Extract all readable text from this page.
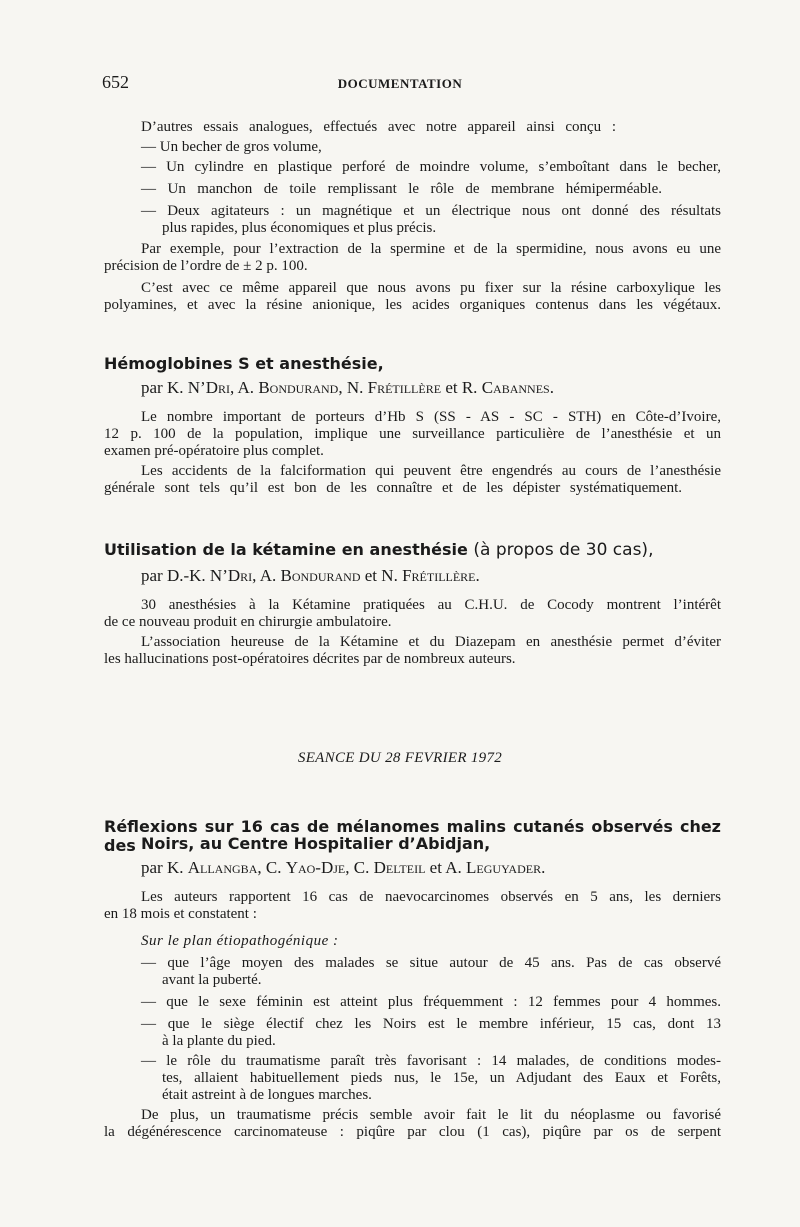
652	DOCUMENTATION
D’autres essais analogues, effectués avec notre appareil ainsi conçu :
— Un becher de gros volume,
— Un cylindre en plastique perforé de moindre volume, s’emboîtant dans le becher,
— Un manchon de toile remplissant le rôle de membrane hémiperméable.
— Deux agitateurs : un magnétique et un électrique nous ont donné des résultats
plus rapides, plus économiques et plus précis.
Par exemple, pour l’extraction de la spermine et de la spermidine, nous avons eu une
précision de l’ordre de ± 2 p. 100.
C’est avec ce même appareil que nous avons pu fixer sur la résine carboxylique les
polyamines, et avec la résine anionique, les acides organiques contenus dans les végétaux.
Hémoglobines S et anesthésie,
par K. N’Dri, A. Bondurand, N. Frétillère et R. Cabannes.
Le nombre important de porteurs d’Hb S (SS - AS - SC - STH) en Côte-d’Ivoire,
12 p. 100 de la population, implique une surveillance particulière de l’anesthésie et un
examen pré-opératoire plus complet.
Les accidents de la falciformation qui peuvent être engendrés au cours de l’anesthésie
générale sont tels qu’il est bon de les connaître et de les dépister systématiquement.
Utilisation de la kétamine en anesthésie (à propos de 30 cas),
par D.-K. N’Dri, A. Bondurand et N. Frétillère.
30 anesthésies à la Kétamine pratiquées au C.H.U. de Cocody montrent l’intérêt
de ce nouveau produit en chirurgie ambulatoire.
L’association heureuse de la Kétamine et du Diazepam en anesthésie permet d’éviter
les hallucinations post-opératoires décrites par de nombreux auteurs.
SEANCE DU 28 FEVRIER 1972
Réflexions sur 16 cas de mélanomes malins cutanés observés chez des Noirs, au Centre Hospitalier d’Abidjan,
par K. Allangba, C. Yao-Dje, C. Delteil et A. Leguyader.
Les auteurs rapportent 16 cas de naevocarcinomes observés en 5 ans, les derniers
en 18 mois et constatent :
Sur le plan étiopathogénique :
— que l’âge moyen des malades se situe autour de 45 ans. Pas de cas observé
avant la puberté.
— que le sexe féminin est atteint plus fréquemment : 12 femmes pour 4 hommes.
— que le siège électif chez les Noirs est le membre inférieur, 15 cas, dont 13
à la plante du pied.
— le rôle du traumatisme paraît très favorisant : 14 malades, de conditions modes-
tes, allaient habituellement pieds nus, le 15e, un Adjudant des Eaux et Forêts,
était astreint à de longues marches.
De plus, un traumatisme précis semble avoir fait le lit du néoplasme ou favorisé
la dégénérescence carcinomateuse : piqûre par clou (1 cas), piqûre par os de serpent
